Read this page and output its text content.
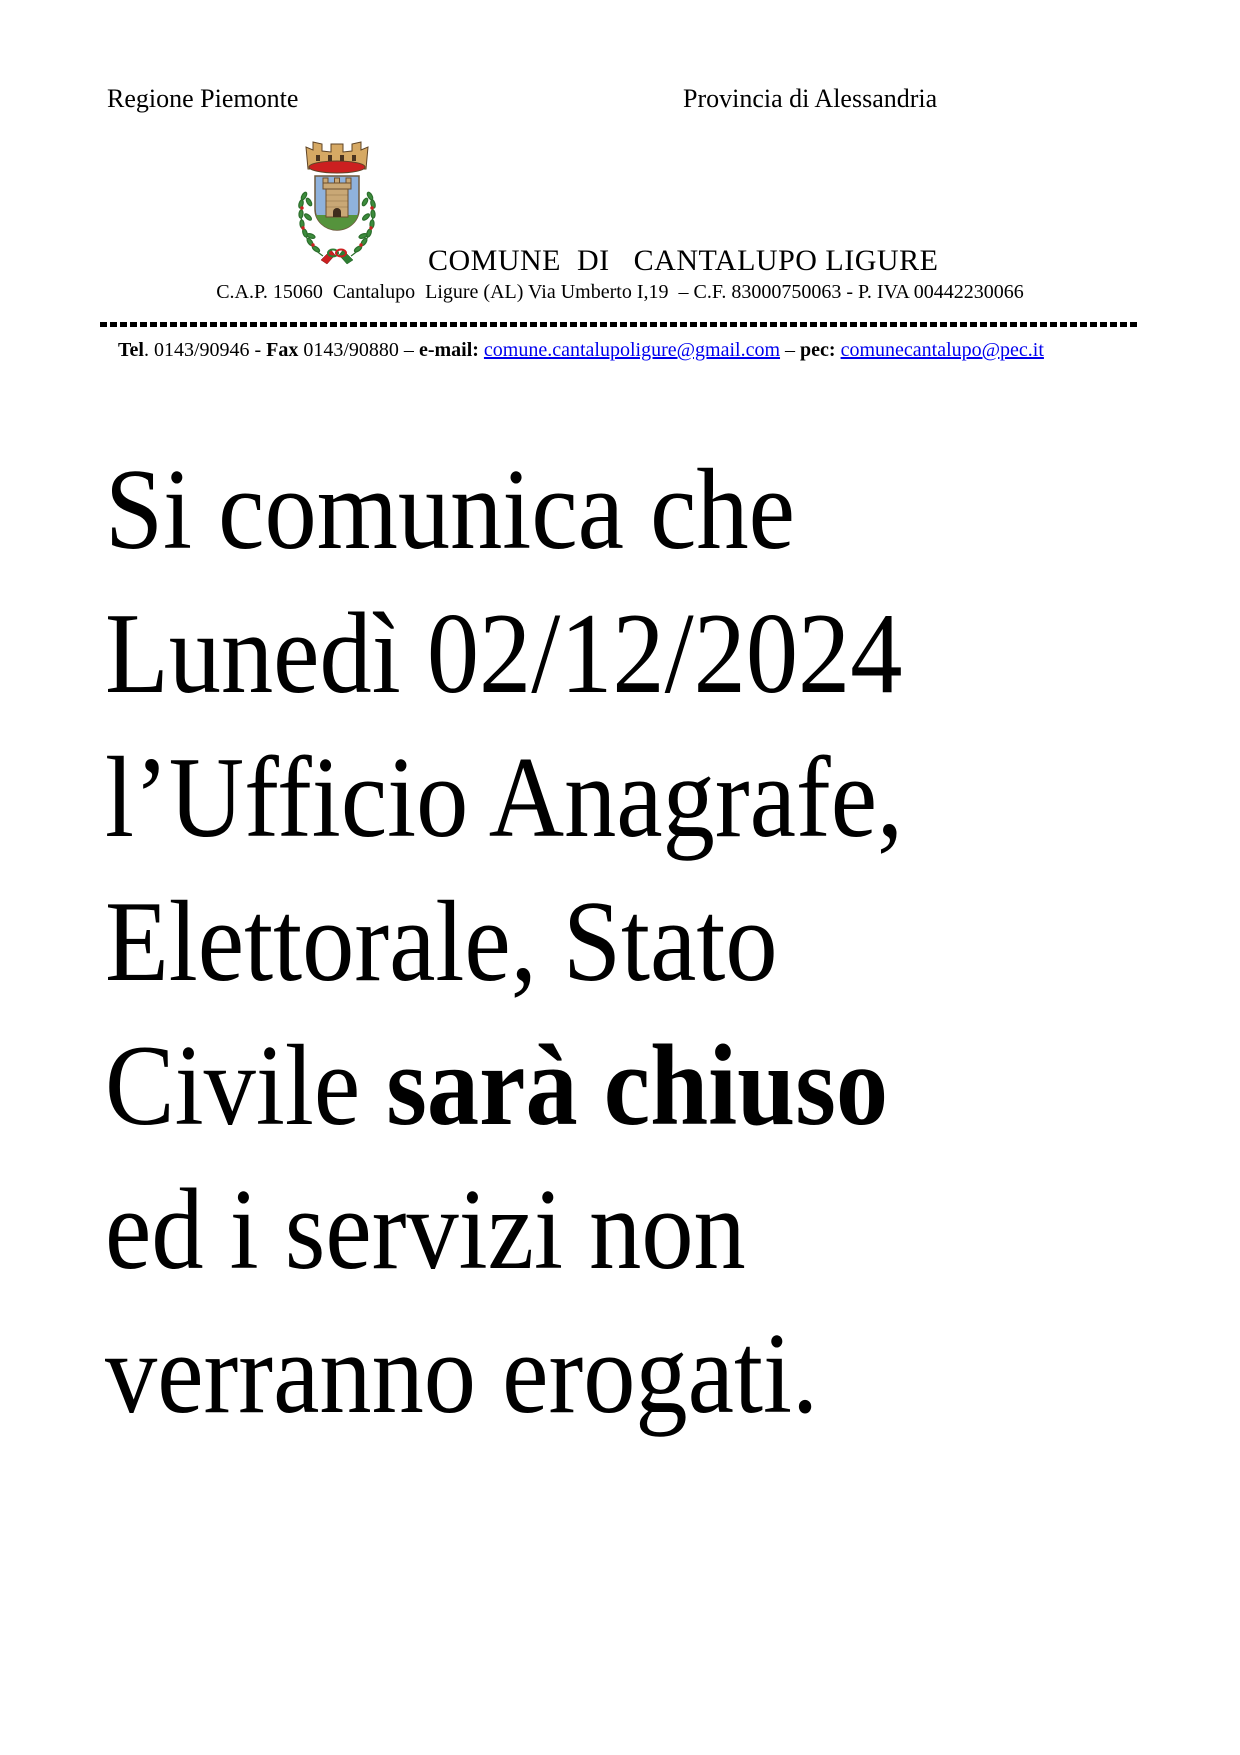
Regione Piemonte	Provincia di Alessandria
COMUNE  DI   CANTALUPO LIGURE
C.A.P. 15060  Cantalupo  Ligure (AL) Via Umberto I,19  – C.F. 83000750063 - P. IVA 00442230066
Tel. 0143/90946 - Fax 0143/90880 – e-mail: comune.cantalupoligure@gmail.com – pec: comunecantalupo@pec.it
Si comunica che
Lunedì 02/12/2024
l’Ufficio Anagrafe,
Elettorale, Stato
Civile sarà chiuso
ed i servizi non
verranno erogati.
